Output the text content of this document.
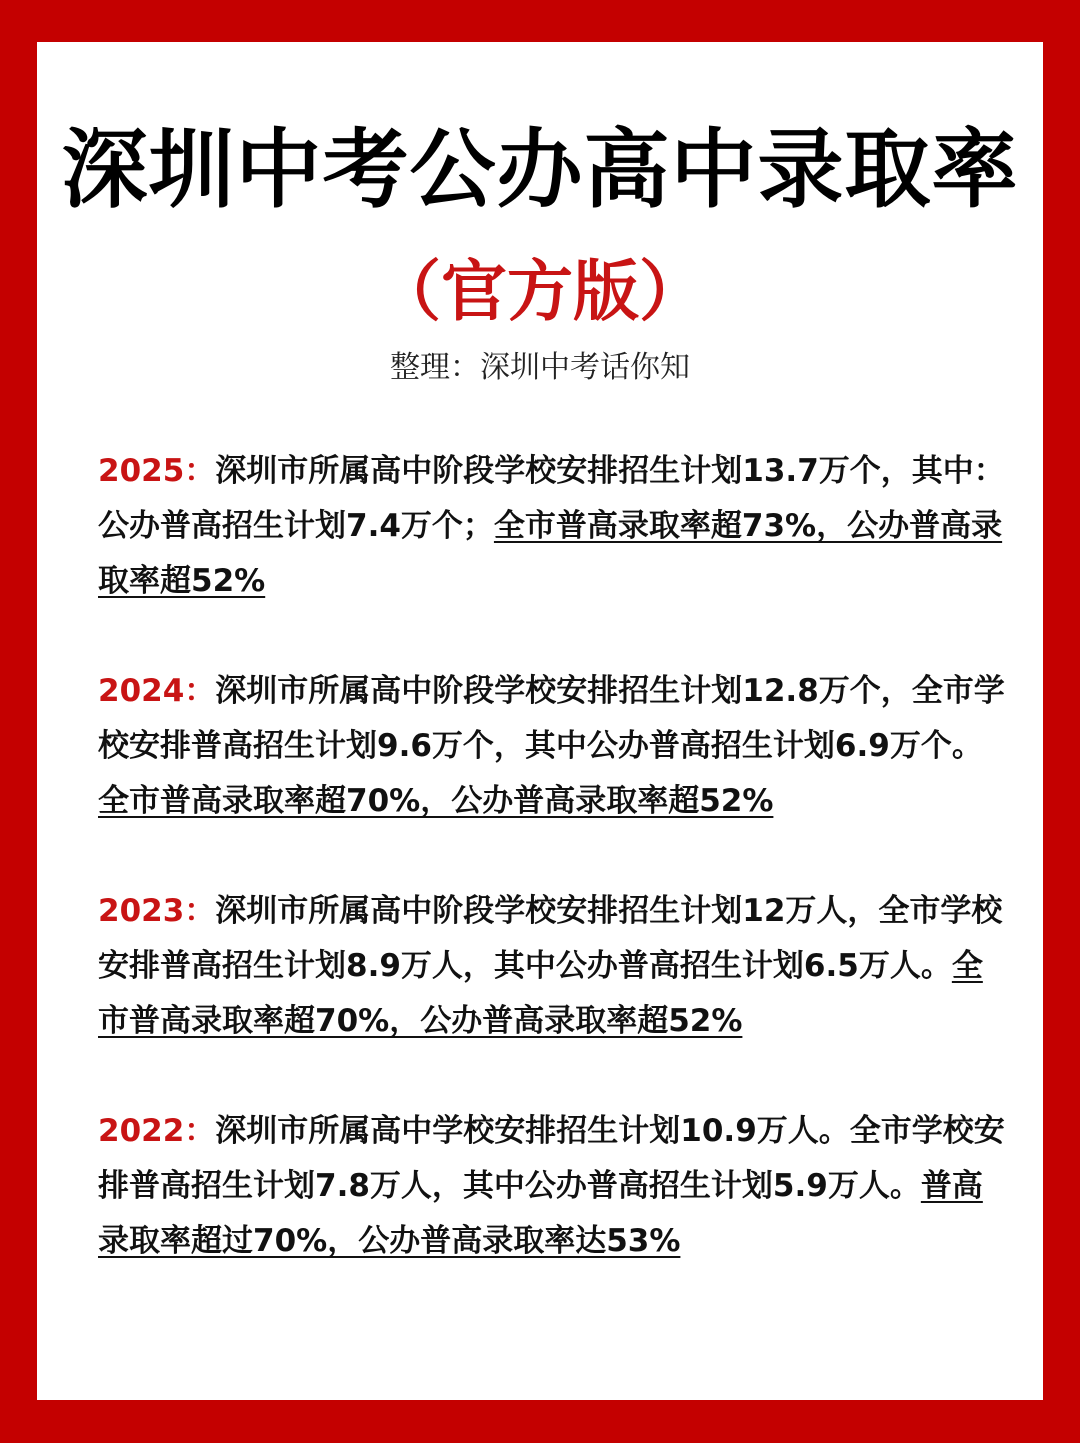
深圳中考公办高中录取率
（官方版）
整理：深圳中考话你知
2025：深圳市所属高中阶段学校安排招生计划13.7万个，其中：公办普高招生计划7.4万个；全市普高录取率超73%，公办普高录取率超52%
2024：深圳市所属高中阶段学校安排招生计划12.8万个，全市学校安排普高招生计划9.6万个，其中公办普高招生计划6.9万个。全市普高录取率超70%，公办普高录取率超52%
2023：深圳市所属高中阶段学校安排招生计划12万人，全市学校安排普高招生计划8.9万人，其中公办普高招生计划6.5万人。全市普高录取率超70%，公办普高录取率超52%
2022：深圳市所属高中学校安排招生计划10.9万人。全市学校安排普高招生计划7.8万人，其中公办普高招生计划5.9万人。普高录取率超过70%，公办普高录取率达53%
